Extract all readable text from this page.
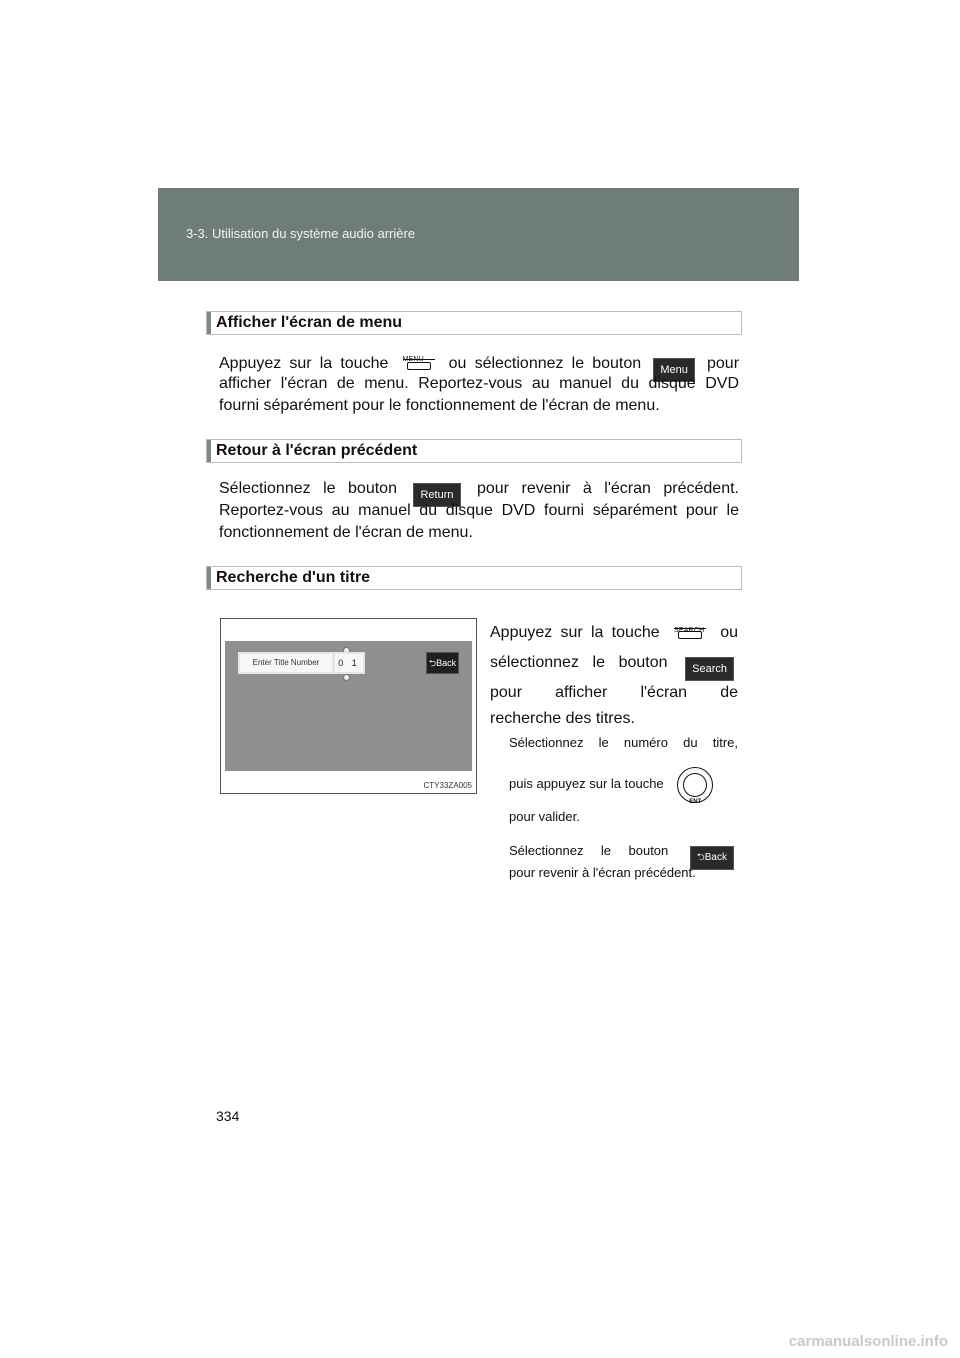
3-3. Utilisation du système audio arrière
Afficher l'écran de menu
Appuyez sur la touche MENU	ou sélectionnez le bouton Menu pour
afficher l'écran de menu. Reportez-vous au manuel du disque DVD
fourni séparément pour le fonctionnement de l'écran de menu.
Retour à l'écran précédent
Sélectionnez le bouton Return pour revenir à l'écran précédent.
Reportez-vous au manuel du disque DVD fourni séparément pour le
fonctionnement de l'écran de menu.
Recherche d'un titre
Enter Title Number	0 1	⮌Back
CTY33ZA005
Appuyez sur la touche SEARCH ou
sélectionnez le bouton Search
pour afficher l'écran de
recherche des titres.
Sélectionnez le numéro du titre,
puis appuyez sur la touche
ENT
pour valider.
Sélectionnez le bouton	⮌Back
pour revenir à l'écran précédent.
334
carmanualsonline.info
